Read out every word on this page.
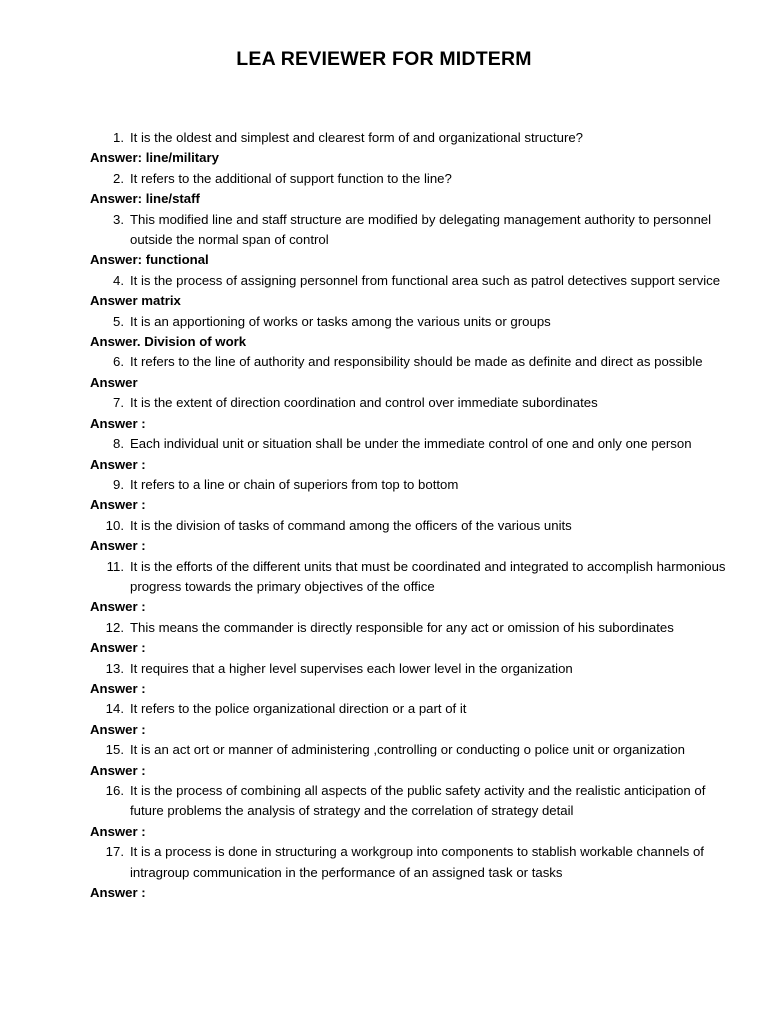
LEA REVIEWER FOR MIDTERM
1. It is the oldest and simplest and clearest form of and organizational structure?
Answer: line/military
2. It refers to the additional of support function to the line?
Answer: line/staff
3. This modified line and staff structure are modified by delegating management authority to personnel outside the normal span of control
Answer: functional
4. It is the process of assigning personnel from functional area such as patrol detectives support service
Answer matrix
5. It is an apportioning of works or tasks among the various units or groups
Answer. Division of work
6. It refers to the line of authority and responsibility should be made as definite and direct as possible
Answer
7. It is the extent of direction coordination and control over immediate subordinates
Answer :
8. Each individual unit or situation shall be under the immediate control of one and only one person
Answer :
9. It refers to a line or chain of superiors from top to bottom
Answer :
10. It is the division of tasks of command among the officers of the various units
Answer :
11. It is the efforts of the different units that must be coordinated and integrated to accomplish harmonious progress towards the primary objectives of the office
Answer :
12. This means the commander is directly responsible for any act or omission of his subordinates
Answer :
13. It requires that a higher level supervises each lower level in the organization
Answer :
14. It refers to the police organizational direction or a part of it
Answer :
15. It is an act ort or manner of administering ,controlling or conducting o police unit or organization
Answer :
16. It is the process of combining all aspects of the public safety activity and the realistic anticipation of future problems the analysis of strategy and the correlation of strategy detail
Answer :
17. It is a process is done in structuring a workgroup into components to stablish workable channels of intragroup communication in the performance of an assigned task or tasks
Answer :
